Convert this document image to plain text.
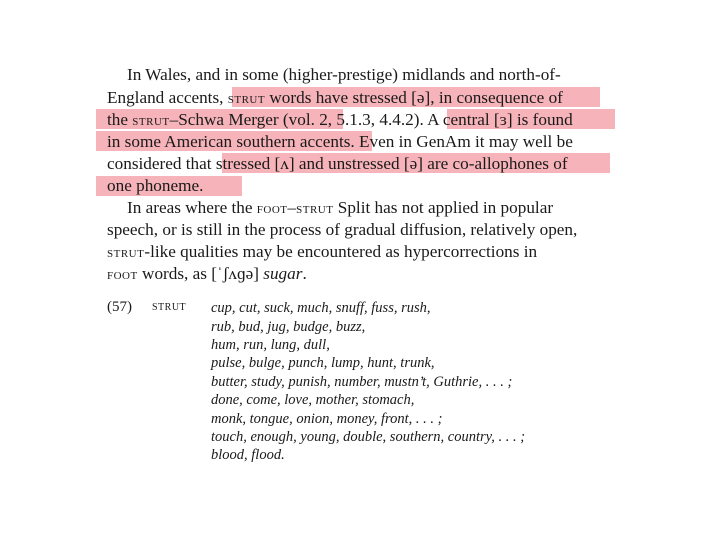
In Wales, and in some (higher-prestige) midlands and north-of-
England accents, strut words have stressed [ə], in consequence of
the strut–Schwa Merger (vol. 2, 5.1.3, 4.4.2). A central [ɜ] is found
in some American southern accents. Even in GenAm it may well be
considered that stressed [ʌ] and unstressed [ə] are co-allophones of
one phoneme.
In areas where the foot–strut Split has not applied in popular
speech, or is still in the process of gradual diffusion, relatively open,
strut-like qualities may be encountered as hypercorrections in
foot words, as [ˈʃʌɡə] sugar.
(57) strut cup, cut, suck, much, snuff, fuss, rush,
rub, bud, jug, budge, buzz,
hum, run, lung, dull,
pulse, bulge, punch, lump, hunt, trunk,
butter, study, punish, number, mustn’t, Guthrie, . . . ;
done, come, love, mother, stomach,
monk, tongue, onion, money, front, . . . ;
touch, enough, young, double, southern, country, . . . ;
blood, flood.
